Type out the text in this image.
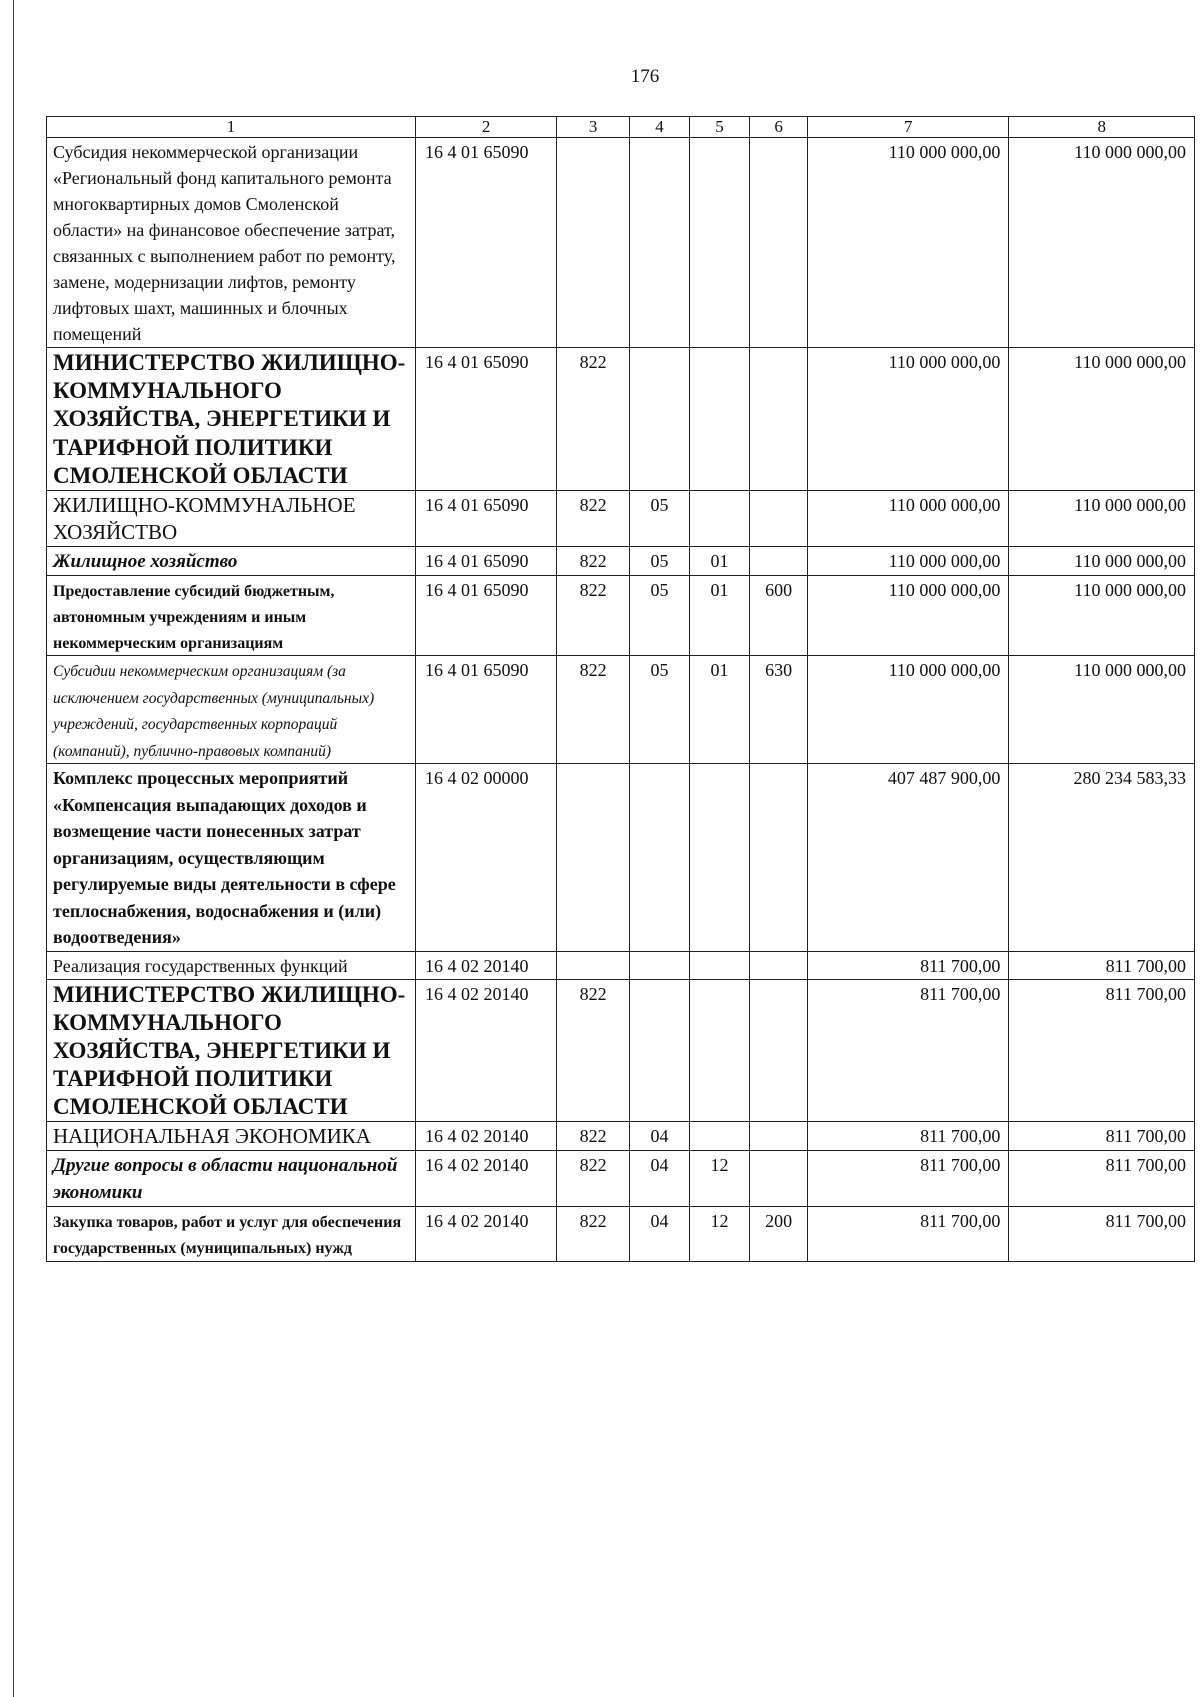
176
1	2	3	4	5	6	7	8
Субсидия некоммерческой организации «Региональный фонд капитального ремонта многоквартирных домов Смоленской области» на финансовое обеспечение затрат, связанных с выполнением работ по ремонту, замене, модернизации лифтов, ремонту лифтовых шахт, машинных и блочных помещений	16 4 01 65090					110 000 000,00	110 000 000,00
МИНИСТЕРСТВО ЖИЛИЩНО-КОММУНАЛЬНОГО ХОЗЯЙСТВА, ЭНЕРГЕТИКИ И ТАРИФНОЙ ПОЛИТИКИ СМОЛЕНСКОЙ ОБЛАСТИ	16 4 01 65090	822				110 000 000,00	110 000 000,00
ЖИЛИЩНО-КОММУНАЛЬНОЕ ХОЗЯЙСТВО	16 4 01 65090	822	05			110 000 000,00	110 000 000,00
Жилищное хозяйство	16 4 01 65090	822	05	01		110 000 000,00	110 000 000,00
Предоставление субсидий бюджетным, автономным учреждениям и иным некоммерческим организациям	16 4 01 65090	822	05	01	600	110 000 000,00	110 000 000,00
Субсидии некоммерческим организациям (за исключением государственных (муниципальных) учреждений, государственных корпораций (компаний), публично-правовых компаний)	16 4 01 65090	822	05	01	630	110 000 000,00	110 000 000,00
Комплекс процессных мероприятий «Компенсация выпадающих доходов и возмещение части понесенных затрат организациям, осуществляющим регулируемые виды деятельности в сфере теплоснабжения, водоснабжения и (или) водоотведения»	16 4 02 00000					407 487 900,00	280 234 583,33
Реализация государственных функций	16 4 02 20140					811 700,00	811 700,00
МИНИСТЕРСТВО ЖИЛИЩНО-КОММУНАЛЬНОГО ХОЗЯЙСТВА, ЭНЕРГЕТИКИ И ТАРИФНОЙ ПОЛИТИКИ СМОЛЕНСКОЙ ОБЛАСТИ	16 4 02 20140	822				811 700,00	811 700,00
НАЦИОНАЛЬНАЯ ЭКОНОМИКА	16 4 02 20140	822	04			811 700,00	811 700,00
Другие вопросы в области национальной экономики	16 4 02 20140	822	04	12		811 700,00	811 700,00
Закупка товаров, работ и услуг для обеспечения государственных (муниципальных) нужд	16 4 02 20140	822	04	12	200	811 700,00	811 700,00
